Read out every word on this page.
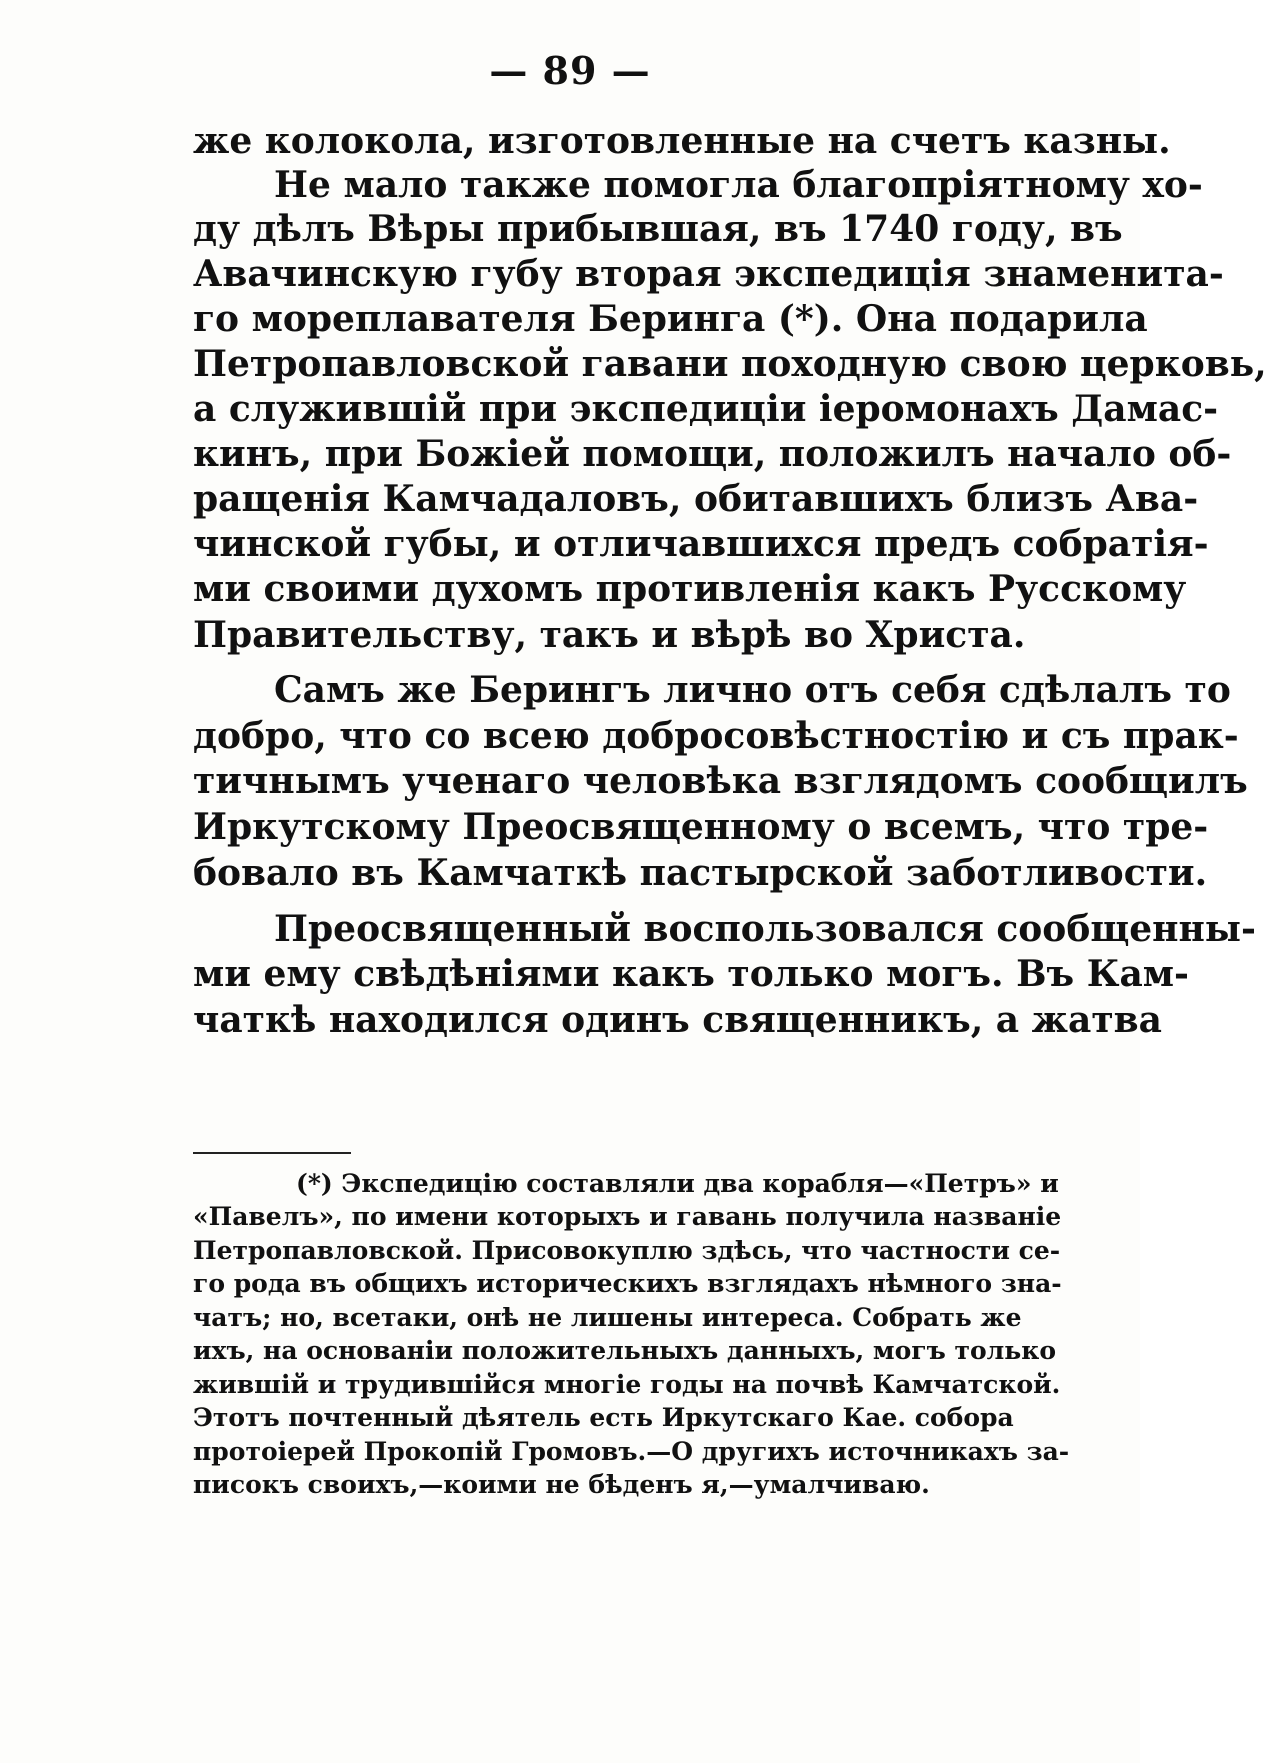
— 89 —
же колокола, изготовленные на счетъ казны.
Не мало также помогла благопріятному хо-
ду дѣлъ Вѣры прибывшая, въ 1740 году, въ
Авачинскую губу вторая экспедиція знаменита-
го мореплавателя Беринга (*). Она подарила
Петропавловской гавани походную свою церковь,
а служившій при экспедиціи іеромонахъ Дамас-
кинъ, при Божіей помощи, положилъ начало об-
ращенія Камчадаловъ, обитавшихъ близъ Ава-
чинской губы, и отличавшихся предъ собратія-
ми своими духомъ противленія какъ Русскому
Правительству, такъ и вѣрѣ во Христа.
Самъ же Берингъ лично отъ себя сдѣлалъ то
добро, что со всею добросовѣстностію и съ прак-
тичнымъ ученаго человѣка взглядомъ сообщилъ
Иркутскому Преосвященному о всемъ, что тре-
бовало въ Камчаткѣ пастырской заботливости.
Преосвященный воспользовался сообщенны-
ми ему свѣдѣніями какъ только могъ. Въ Кам-
чаткѣ находился одинъ священникъ, а жатва
(*) Экспедицію составляли два корабля—«Петръ» и
«Павелъ», по имени которыхъ и гавань получила названіе
Петропавловской. Присовокуплю здѣсь, что частности се-
го рода въ общихъ историческихъ взглядахъ нѣмного зна-
чатъ; но, всетаки, онѣ не лишены интереса. Собрать же
ихъ, на основаніи положительныхъ данныхъ, могъ только
жившій и трудившійся многіе годы на почвѣ Камчатской.
Этотъ почтенный дѣятель есть Иркутскаго Кае. собора
протоіерей Прокопій Громовъ.—О другихъ источникахъ за-
писокъ своихъ,—коими не бѣденъ я,—умалчиваю.
